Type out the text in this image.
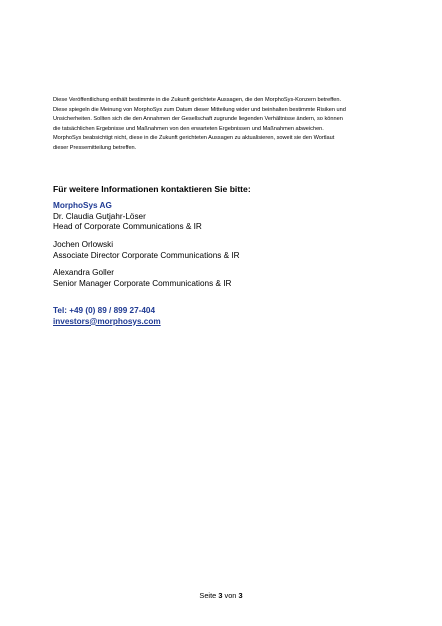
Diese Veröffentlichung enthält bestimmte in die Zukunft gerichtete Aussagen, die den MorphoSys-Konzern betreffen.
Diese spiegeln die Meinung von MorphoSys zum Datum dieser Mitteilung wider und beinhalten bestimmte Risiken und
Unsicherheiten. Sollten sich die den Annahmen der Gesellschaft zugrunde liegenden Verhältnisse ändern, so können
die tatsächlichen Ergebnisse und Maßnahmen von den erwarteten Ergebnissen und Maßnahmen abweichen.
MorphoSys beabsichtigt nicht, diese in die Zukunft gerichteten Aussagen zu aktualisieren, soweit sie den Wortlaut
dieser Pressemitteilung betreffen.

Für weitere Informationen kontaktieren Sie bitte:

MorphoSys AG
Dr. Claudia Gutjahr-Löser
Head of Corporate Communications & IR
Jochen Orlowski
Associate Director Corporate Communications & IR
Alexandra Goller
Senior Manager Corporate Communications & IR
Tel: +49 (0) 89 / 899 27-404
investors@morphosys.com
Seite 3 von 3
